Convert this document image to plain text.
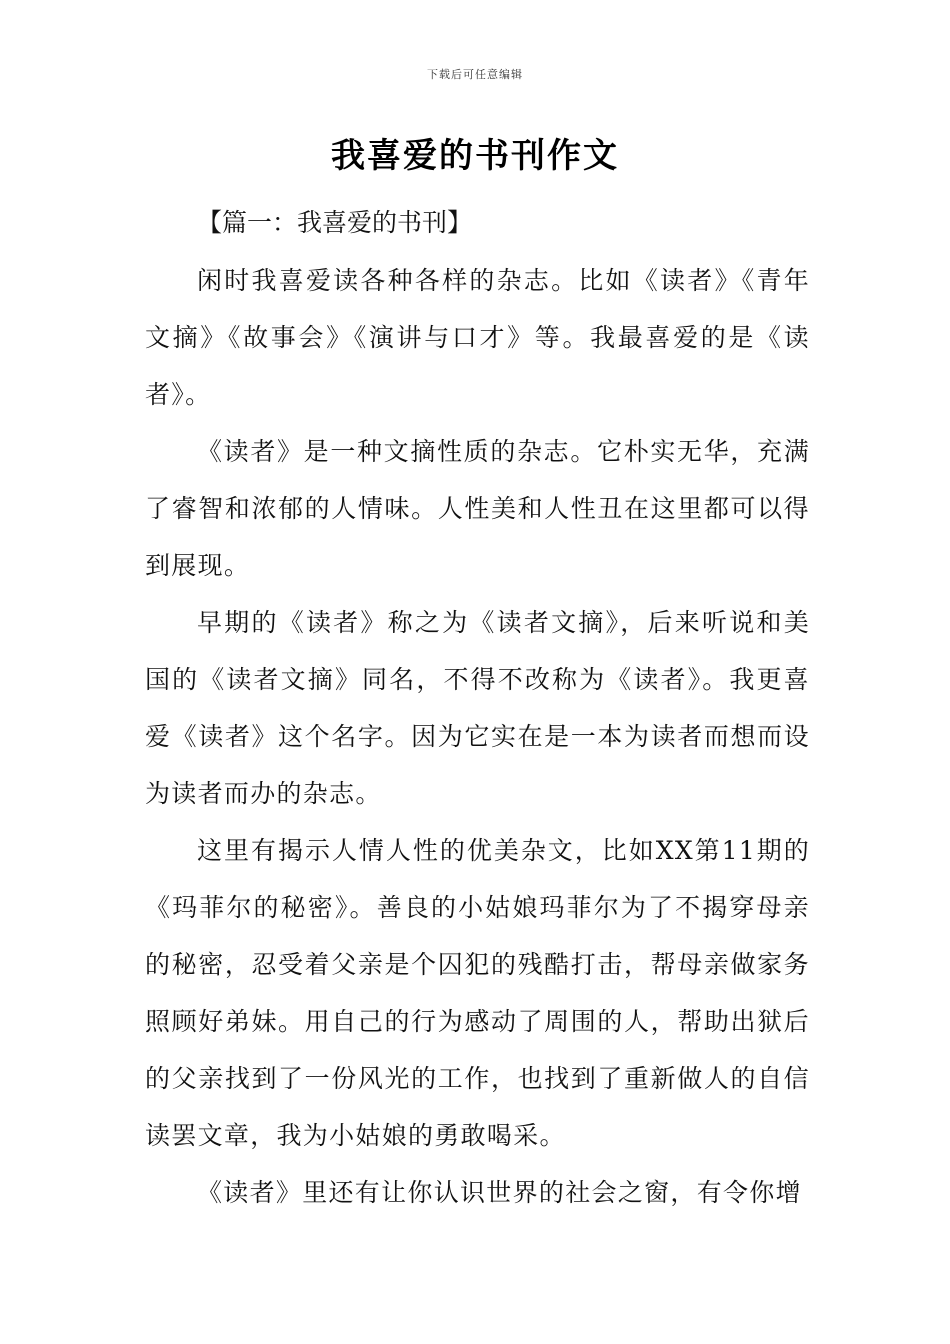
下载后可任意编辑
我喜爱的书刊作文

【篇一：我喜爱的书刊】

闲时我喜爱读各种各样的杂志。比如《读者》《青年文摘》《故事会》《演讲与口才》等。我最喜爱的是《读者》。

《读者》是一种文摘性质的杂志。它朴实无华，充满了睿智和浓郁的人情味。人性美和人性丑在这里都可以得到展现。

早期的《读者》称之为《读者文摘》，后来听说和美国的《读者文摘》同名，不得不改称为《读者》。我更喜爱《读者》这个名字。因为它实在是一本为读者而想而设为读者而办的杂志。

这里有揭示人情人性的优美杂文，比如XX第11期的《玛菲尔的秘密》。善良的小姑娘玛菲尔为了不揭穿母亲的秘密，忍受着父亲是个囚犯的残酷打击，帮母亲做家务照顾好弟妹。用自己的行为感动了周围的人，帮助出狱后的父亲找到了一份风光的工作，也找到了重新做人的自信读罢文章，我为小姑娘的勇敢喝采。

《读者》里还有让你认识世界的社会之窗，有令你增
